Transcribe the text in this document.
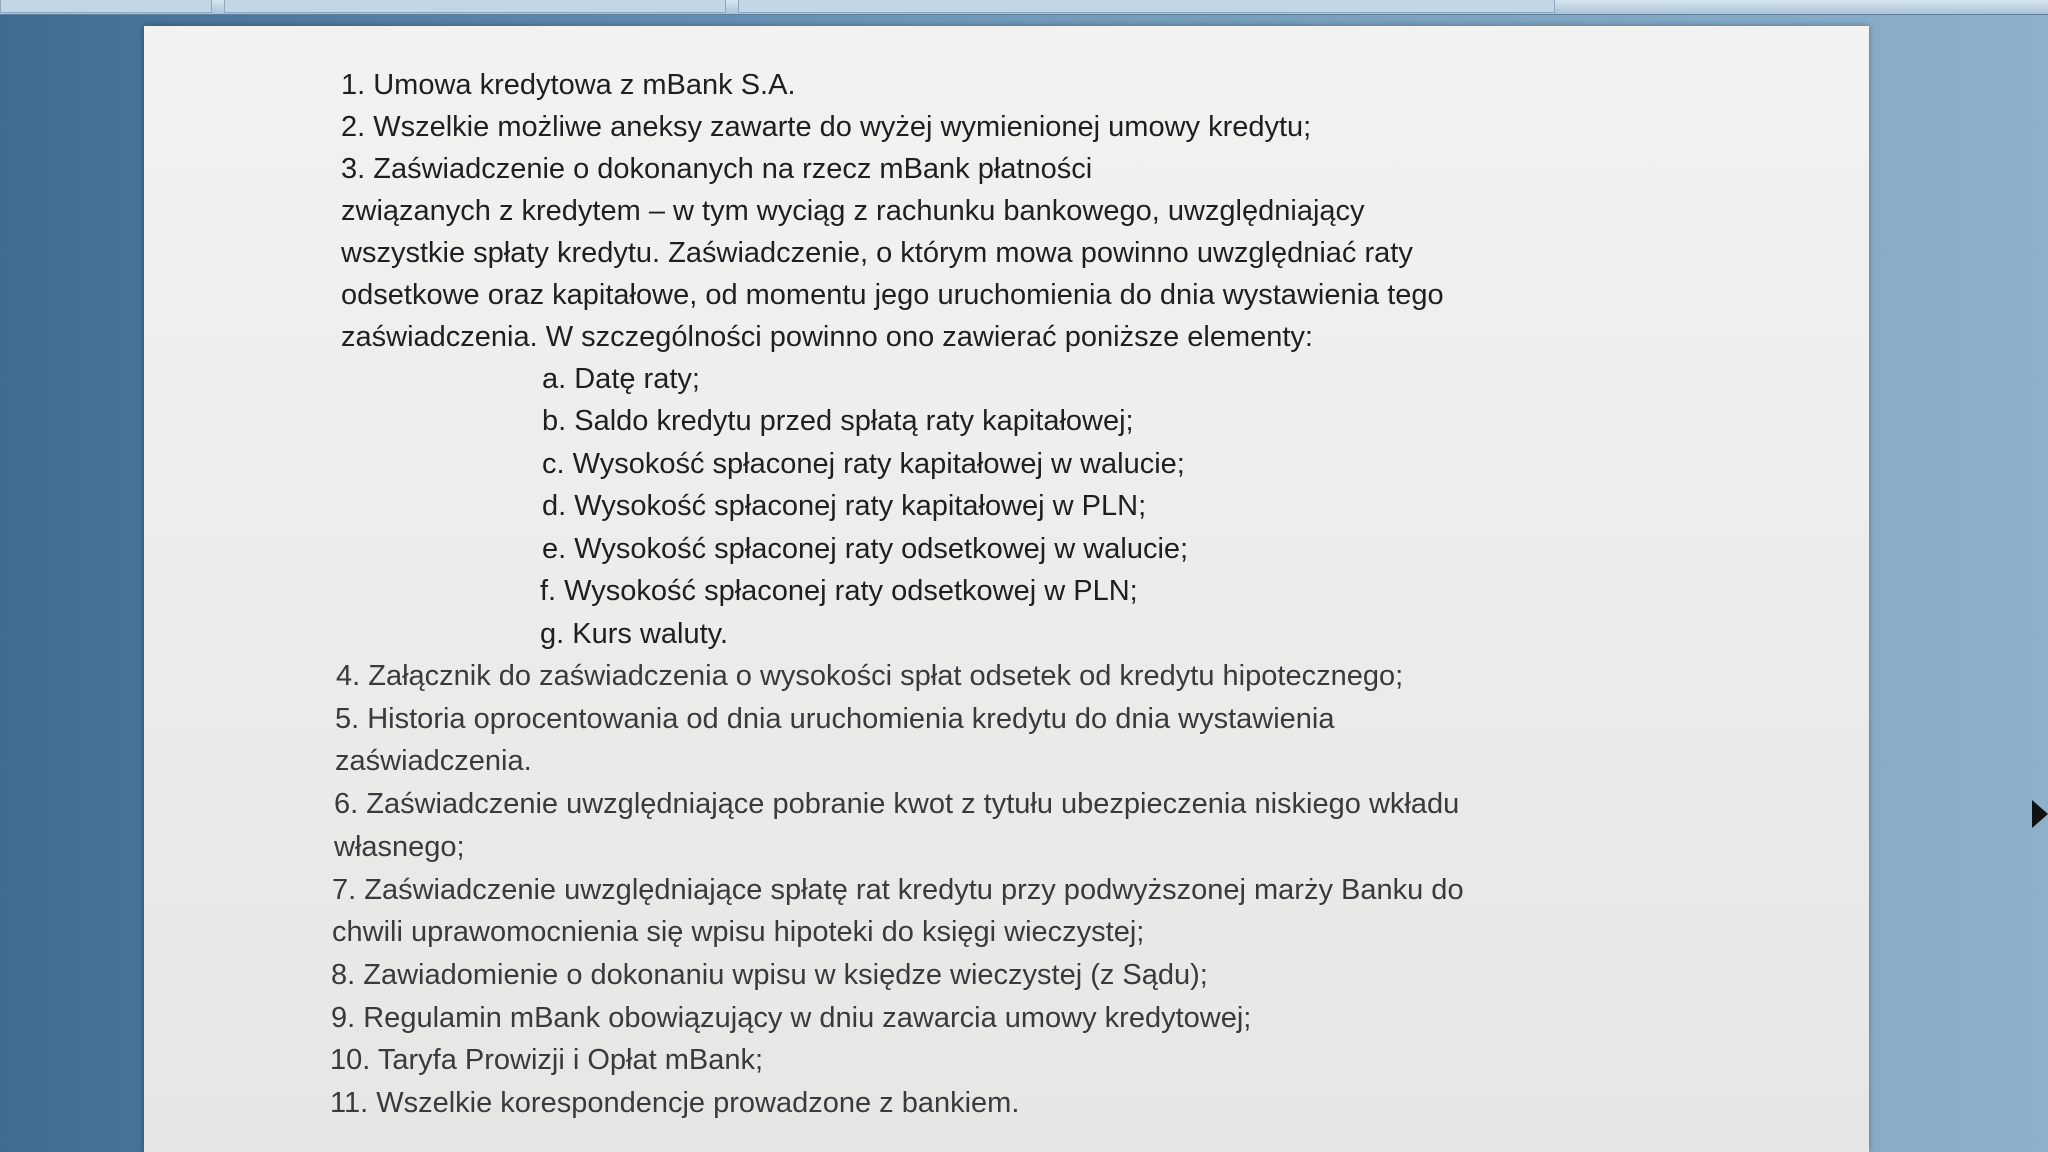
1. Umowa kredytowa z mBank S.A.

2. Wszelkie możliwe aneksy zawarte do wyżej wymienionej umowy kredytu;

3. Zaświadczenie o dokonanych na rzecz mBank płatności

związanych z kredytem – w tym wyciąg z rachunku bankowego, uwzględniający

wszystkie spłaty kredytu. Zaświadczenie, o którym mowa powinno uwzględniać raty

odsetkowe oraz kapitałowe, od momentu jego uruchomienia do dnia wystawienia tego

zaświadczenia. W szczególności powinno ono zawierać poniższe elementy:

a. Datę raty;

b. Saldo kredytu przed spłatą raty kapitałowej;

c. Wysokość spłaconej raty kapitałowej w walucie;

d. Wysokość spłaconej raty kapitałowej w PLN;

e. Wysokość spłaconej raty odsetkowej w walucie;

f. Wysokość spłaconej raty odsetkowej w PLN;

g. Kurs waluty.

4. Załącznik do zaświadczenia o wysokości spłat odsetek od kredytu hipotecznego;

5. Historia oprocentowania od dnia uruchomienia kredytu do dnia wystawienia

zaświadczenia.

6. Zaświadczenie uwzględniające pobranie kwot z tytułu ubezpieczenia niskiego wkładu

własnego;

7. Zaświadczenie uwzględniające spłatę rat kredytu przy podwyższonej marży Banku do

chwili uprawomocnienia się wpisu hipoteki do księgi wieczystej;

8. Zawiadomienie o dokonaniu wpisu w księdze wieczystej (z Sądu);

9. Regulamin mBank obowiązujący w dniu zawarcia umowy kredytowej;

10. Taryfa Prowizji i Opłat mBank;

11. Wszelkie korespondencje prowadzone z bankiem.
